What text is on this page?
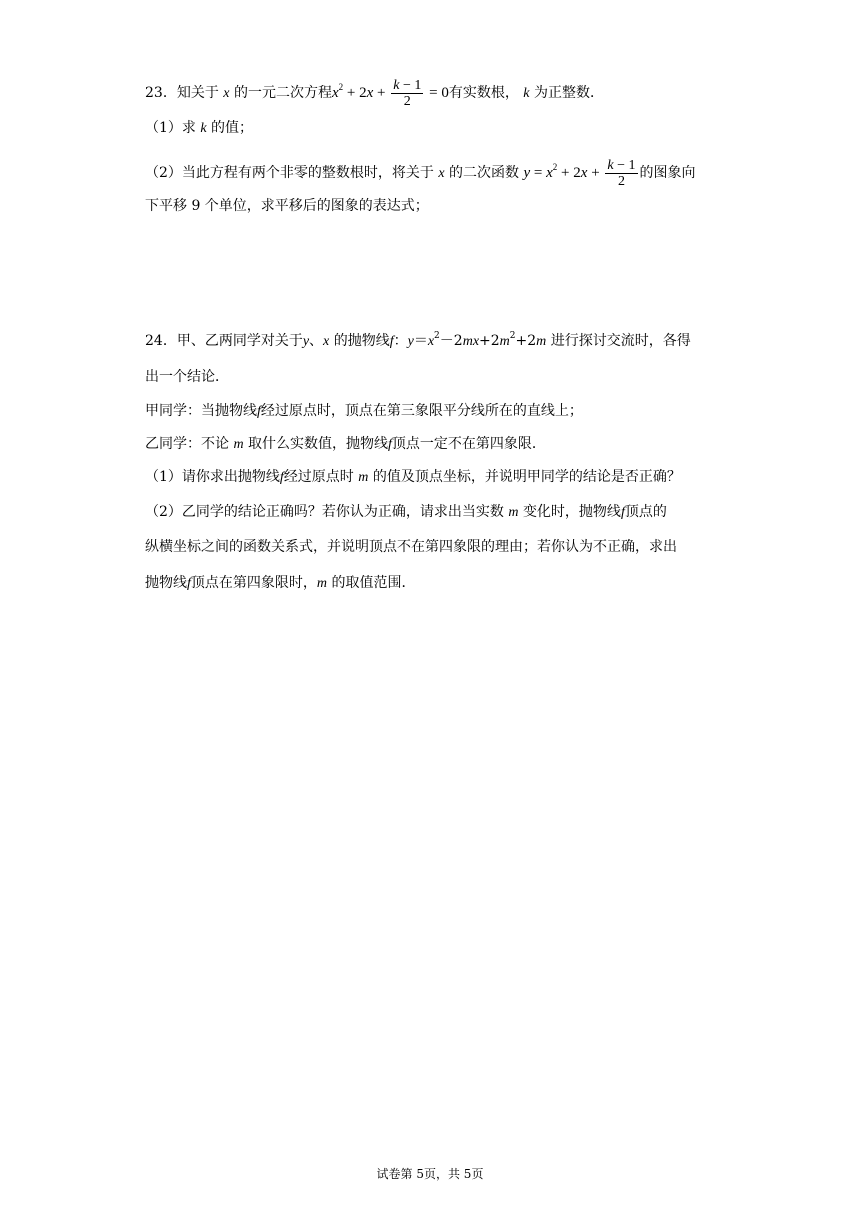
23．知关于 x 的一元二次方程$x^2 + 2x + \frac{k - 1}{2} = 0$有实数根， k 为正整数．
（1）求 k 的值；
（2）当此方程有两个非零的整数根时，将关于 x 的二次函数 $y = x^2 + 2x + \frac{k - 1}{2}$ 的图象向
下平移 9 个单位，求平移后的图象的表达式；
24．甲、乙两同学对关于y、x 的抛物线f：$y=x^2-2mx+2m^2+2m$ 进行探讨交流时，各得
出一个结论．
甲同学：当抛物线f经过原点时，顶点在第三象限平分线所在的直线上；
乙同学：不论 m 取什么实数值，抛物线f顶点一定不在第四象限．
（1）请你求出抛物线f经过原点时 m 的值及顶点坐标，并说明甲同学的结论是否正确？
（2）乙同学的结论正确吗？若你认为正确，请求出当实数 m 变化时，抛物线f顶点的
纵横坐标之间的函数关系式，并说明顶点不在第四象限的理由；若你认为不正确，求出
抛物线f顶点在第四象限时，m 的取值范围．
试卷第 5页，共 5页
